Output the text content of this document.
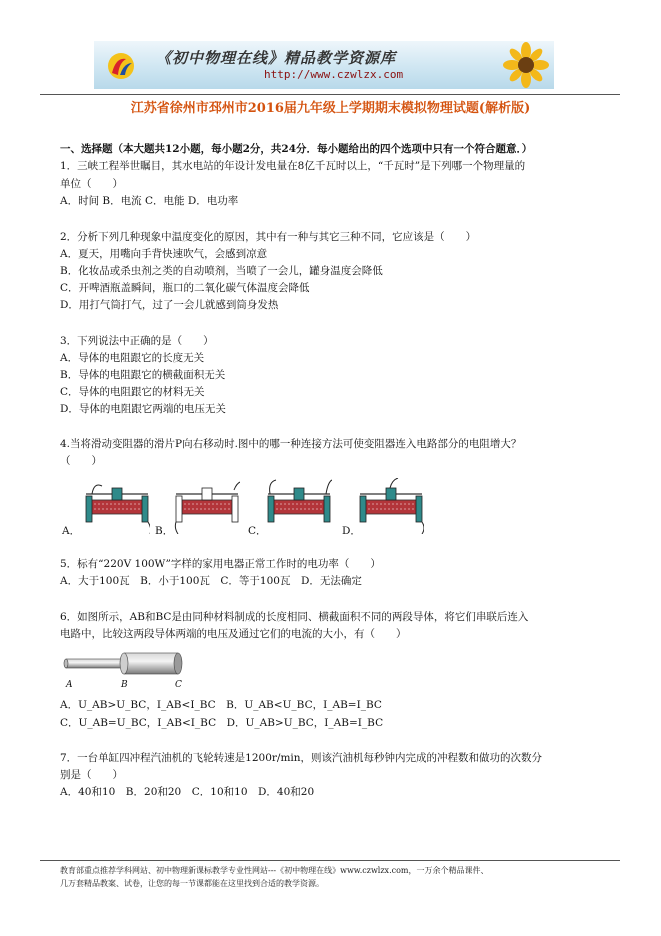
《初中物理在线》精品教学资源库
http://www.czwlzx.com
江苏省徐州市邳州市2016届九年级上学期期末模拟物理试题(解析版)
一、选择题（本大题共12小题，每小题2分，共24分．每小题给出的四个选项中只有一个符合题意．）
1．三峡工程举世瞩目，其水电站的年设计发电量在8亿千瓦时以上，“千瓦时”是下列哪一个物理量的
单位（　　）
A．时间 B．电流 C．电能 D．电功率
2．分析下列几种现象中温度变化的原因，其中有一种与其它三种不同，它应该是（　　）
A．夏天，用嘴向手背快速吹气，会感到凉意
B．化妆品或杀虫剂之类的自动喷剂，当喷了一会儿，罐身温度会降低
C．开啤酒瓶盖瞬间，瓶口的二氧化碳气体温度会降低
D．用打气筒打气，过了一会儿就感到筒身发热
3．下列说法中正确的是（　　）
A．导体的电阻跟它的长度无关
B．导体的电阻跟它的横截面积无关
C．导体的电阻跟它的材料无关
D．导体的电阻跟它两端的电压无关
4.当将滑动变阻器的滑片P向右移动时.图中的哪一种连接方法可使变阻器连入电路部分的电阻增大？
（　　）
A．	B．	C．	D．
5．标有“220V 100W”字样的家用电器正常工作时的电功率（　　）
A．大于100瓦　B．小于100瓦　C．等于100瓦　D．无法确定
6．如图所示，AB和BC是由同种材料制成的长度相同、横截面积不同的两段导体，将它们串联后连入
电路中，比较这两段导体两端的电压及通过它们的电流的大小，有（　　）
A	B	C
A．U_AB>U_BC，I_AB<I_BC　B．U_AB<U_BC，I_AB=I_BC
C．U_AB=U_BC，I_AB<I_BC　D．U_AB>U_BC，I_AB=I_BC
7．一台单缸四冲程汽油机的飞轮转速是1200r/min，则该汽油机每秒钟内完成的冲程数和做功的次数分
别是（　　）
A．40和10　B．20和20　C．10和10　D．40和20
教育部重点推荐学科网站、初中物理新课标教学专业性网站---《初中物理在线》www.czwlzx.com，一万余个精品课件、
几万套精品教案、试卷，让您的每一节课都能在这里找到合适的教学资源。
